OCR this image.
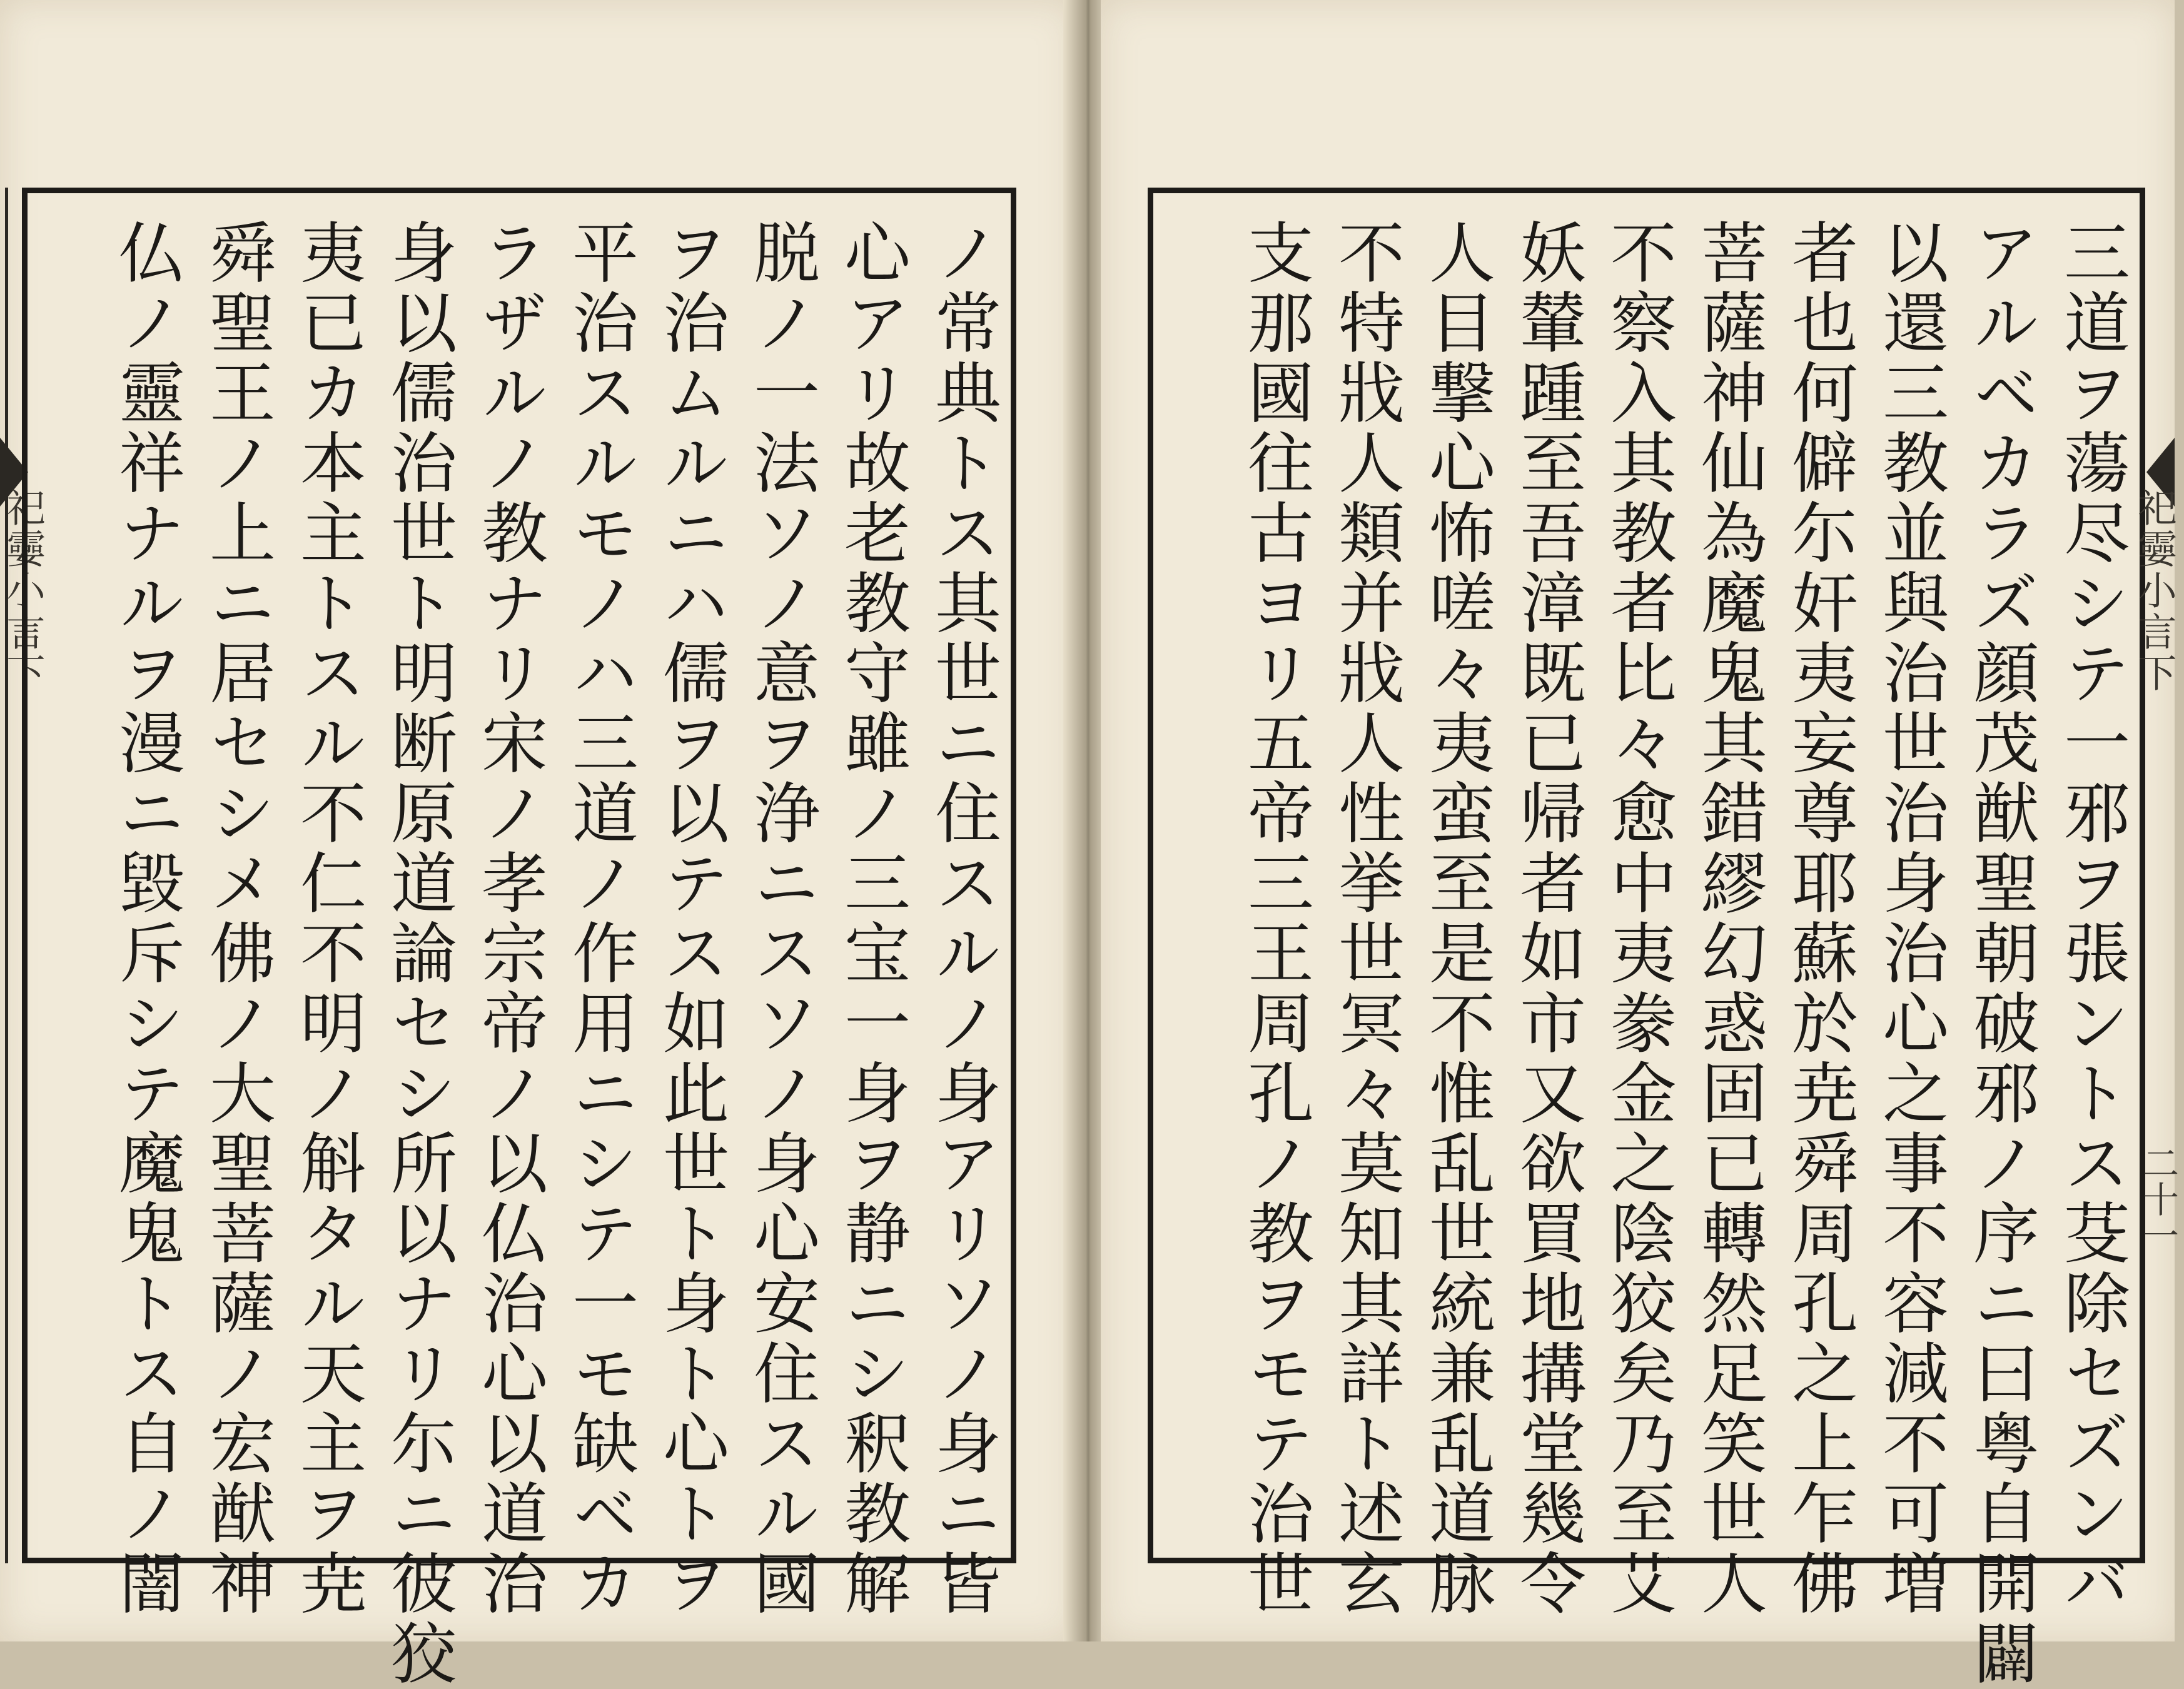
祀孁小言下	ノ常典トス其世ニ住スルノ身アリソノ身ニ皆
心アリ故老教守雖ノ三宝一身ヲ静ニシ釈教解
脱ノ一法ソノ意ヲ浄ニスソノ身心安住スル國
ヲ治ムルニハ儒ヲ以テス如此世ト身ト心トヲ
平治スルモノハ三道ノ作用ニシテ一モ缺ベカ
ラザルノ教ナリ宋ノ孝宗帝ノ以仏治心以道治
身以儒治世ト明断原道論セシ所以ナリ尓ニ彼狡
夷已カ本主トスル不仁不明ノ斛タル天主ヲ尭
舜聖王ノ上ニ居セシメ佛ノ大聖菩薩ノ宏猷神
仏ノ靈祥ナルヲ漫ニ毀斥シテ魔鬼トス自ノ闇	三道ヲ蕩尽シテ一邪ヲ張ントス芟除セズンバ
アルベカラズ顔茂猷聖朝破邪ノ序ニ曰粤自開闢
以還三教並與治世治身治心之事不容減不可増
者也何僻尓奸夷妄尊耶蘇於尭舜周孔之上乍佛
菩薩神仙為魔鬼其錯繆幻惑固已轉然足笑世人
不察入其教者比々愈中夷豢金之陰狡矣乃至艾
妖輦踵至吾漳既已帰者如市又欲買地搆堂幾令
人目撃心怖嗟々夷蛮至是不惟乱世統兼乱道脉
不特戕人類并戕人性挙世冥々莫知其詳ト述玄
支那國往古ヨリ五帝三王周孔ノ教ヲモテ治世	祀孁小言下
二十一
